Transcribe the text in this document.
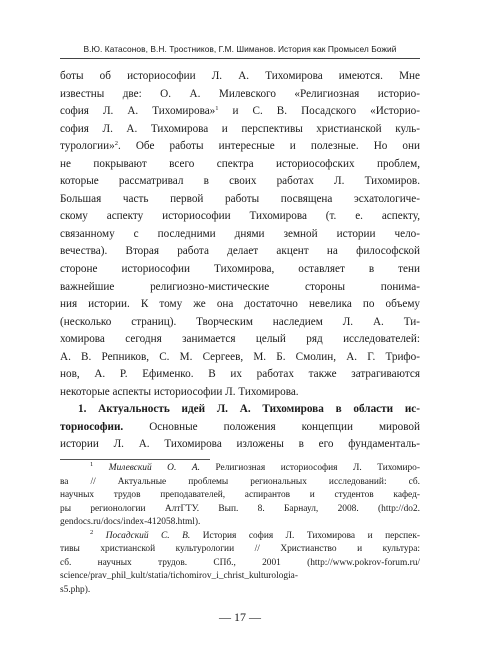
В.Ю. Катасонов, В.Н. Тростников, Г.М. Шиманов. История как Промысел Божий
боты об историософии Л. А. Тихомирова имеются. Мне
известны две: О. А. Милевского «Религиозная историо-
софия Л. А. Тихомирова»$^1$ и С. В. Посадского «Историо-
софия Л. А. Тихомирова и перспективы христианской куль-
турологии»$^2$. Обе работы интересные и полезные. Но они
не покрывают всего спектра историософских проблем,
которые рассматривал в своих работах Л. Тихомиров.
Большая часть первой работы посвящена эсхатологиче-
скому аспекту историософии Тихомирова (т. е. аспекту,
связанному с последними днями земной истории чело-
вечества). Вторая работа делает акцент на философской
стороне историософии Тихомирова, оставляет в тени
важнейшие религиозно-мистические стороны понима-
ния истории. К тому же она достаточно невелика по объему
(несколько страниц). Творческим наследием Л. А. Ти-
хомирова сегодня занимается целый ряд исследователей:
А. В. Репников, С. М. Сергеев, М. Б. Смолин, А. Г. Трифо-
нов, А. Р. Ефименко. В их работах также затрагиваются
некоторые аспекты историософии Л. Тихомирова.
1. Актуальность идей Л. А. Тихомирова в области ис-
ториософии. Основные положения концепции мировой
истории Л. А. Тихомирова изложены в его фундаменталь-
$^1$ Милевский О. А. Религиозная историософия Л. Тихомиро-
ва // Актуальные проблемы региональных исследований: сб.
научных трудов преподавателей, аспирантов и студентов кафед-
ры регионологии АлтГТУ. Вып. 8. Барнаул, 2008. (http://do2.
gendocs.ru/docs/index-412058.html).
$^2$ Посадский С. В. История софия Л. Тихомирова и перспек-
тивы христианской культурологии // Христианство и культура:
сб. научных трудов. СПб., 2001 (http://www.pokrov-forum.ru/
science/prav_phil_kult/statia/tichomirov_i_christ_kulturologia-
s5.php).
— 17 —
